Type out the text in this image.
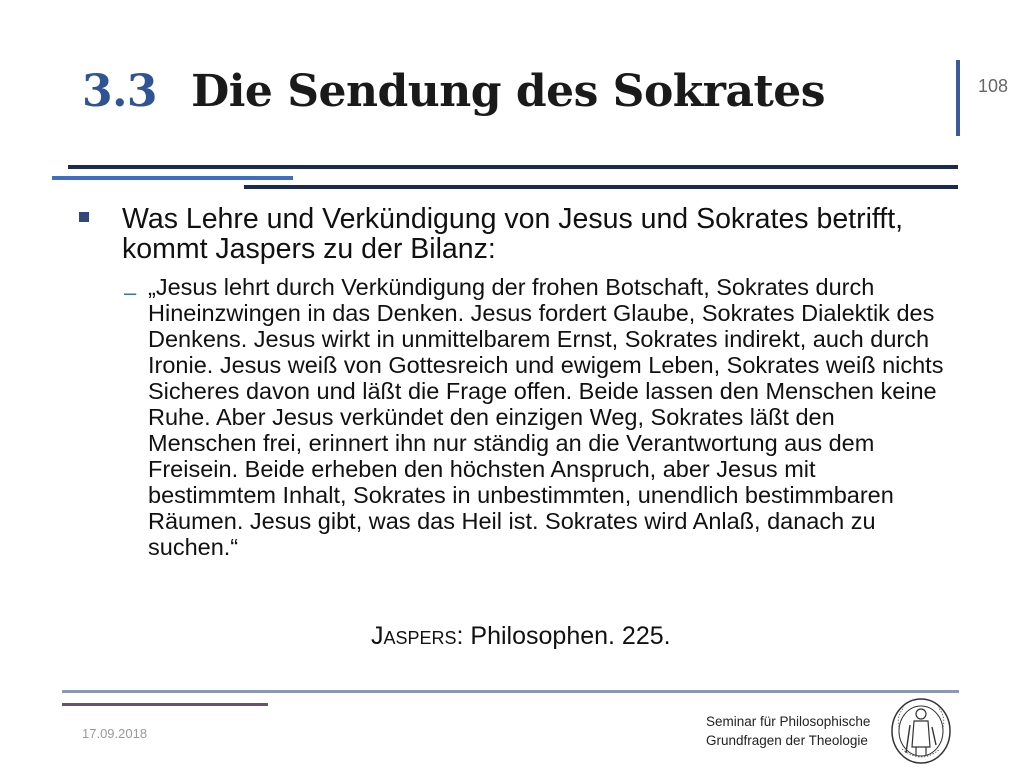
3.3 Die Sendung des Sokrates	108
Was Lehre und Verkündigung von Jesus und Sokrates betrifft, kommt Jaspers zu der Bilanz:
– „Jesus lehrt durch Verkündigung der frohen Botschaft, Sokrates durch Hineinzwingen in das Denken. Jesus fordert Glaube, Sokrates Dialektik des Denkens. Jesus wirkt in unmittelbarem Ernst, Sokrates indirekt, auch durch Ironie. Jesus weiß von Gottesreich und ewigem Leben, Sokrates weiß nichts Sicheres davon und läßt die Frage offen. Beide lassen den Menschen keine Ruhe. Aber Jesus verkündet den einzigen Weg, Sokrates läßt den Menschen frei, erinnert ihn nur ständig an die Verantwortung aus dem Freisein. Beide erheben den höchsten Anspruch, aber Jesus mit bestimmtem Inhalt, Sokrates in unbestimmten, unendlich bestimmbaren Räumen. Jesus gibt, was das Heil ist. Sokrates wird Anlaß, danach zu suchen.“
Jaspers: Philosophen. 225.
17.09.2018
Seminar für Philosophische
Grundfragen der Theologie
